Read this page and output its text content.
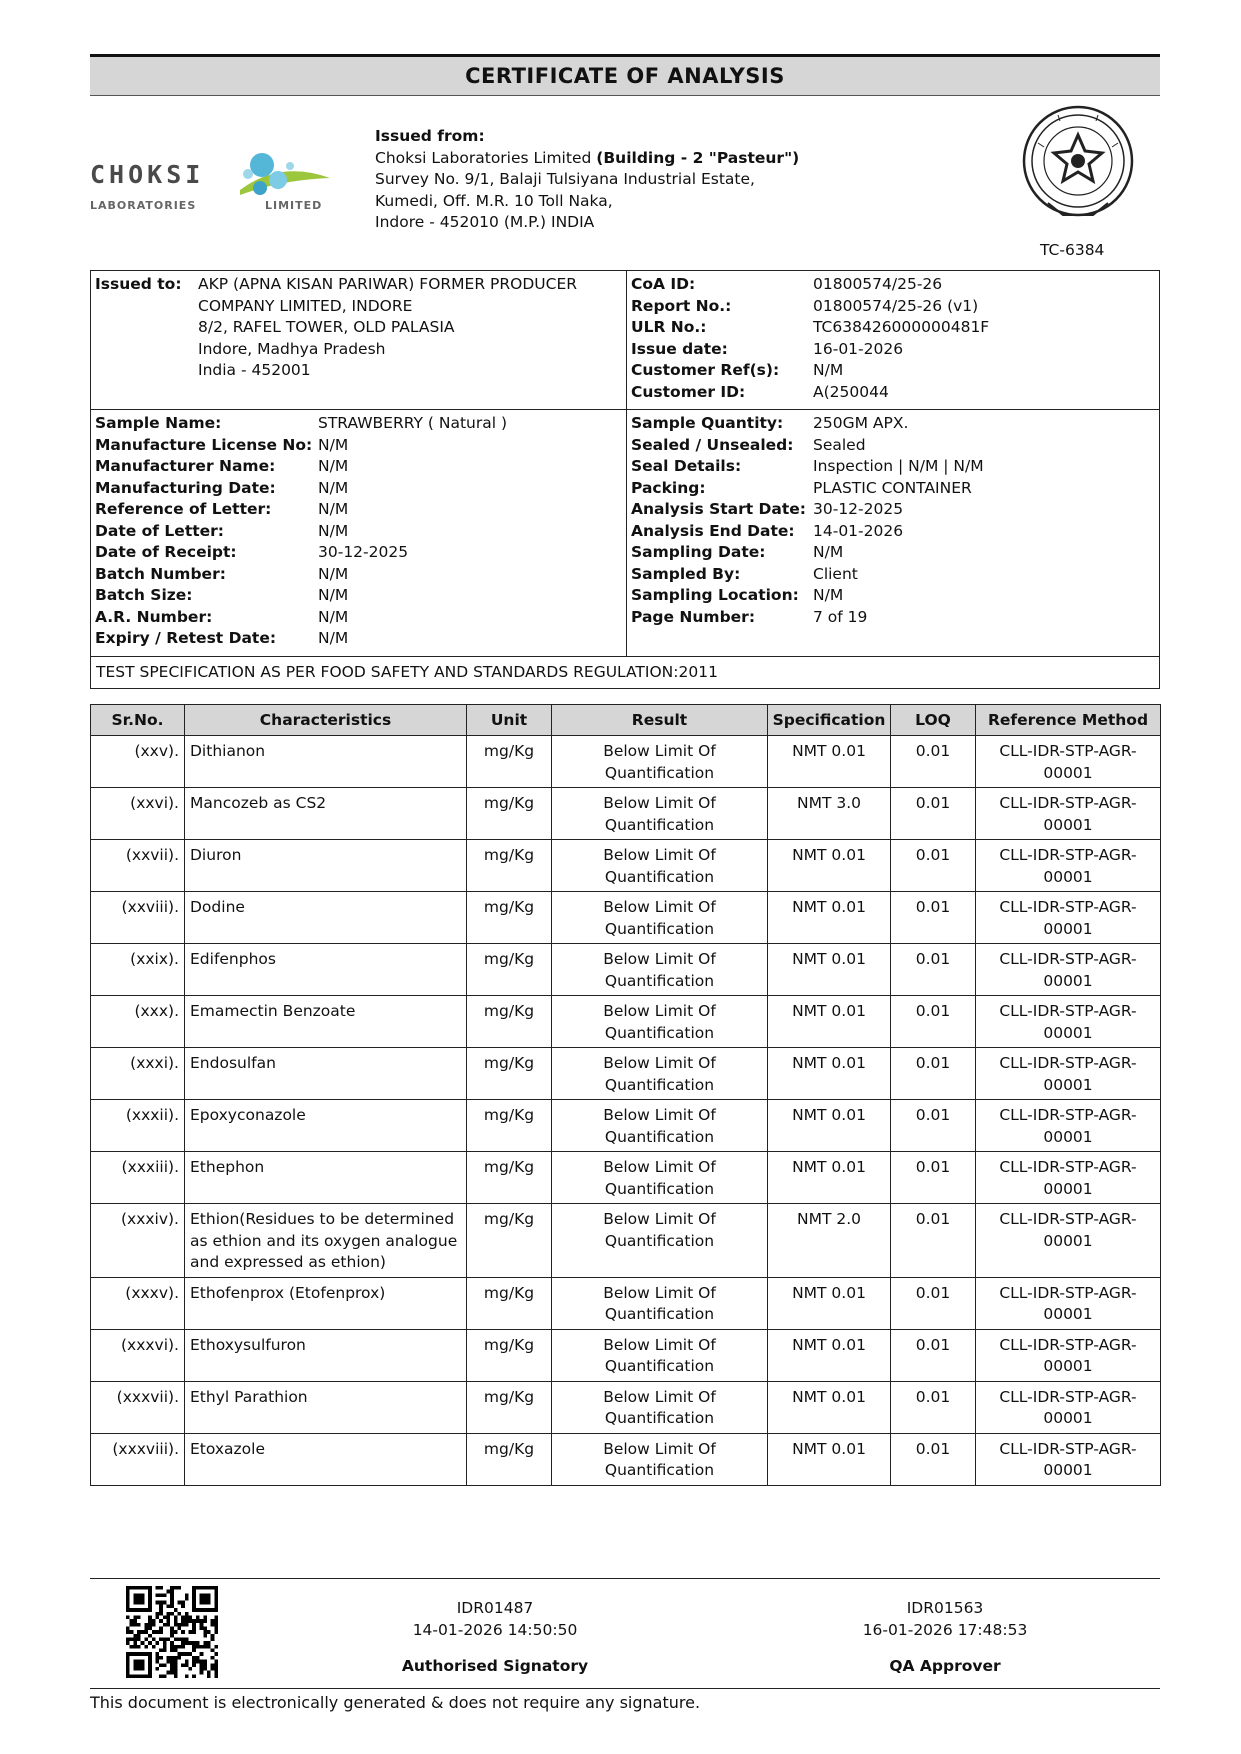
CERTIFICATE OF ANALYSIS
CHOKSI
LABORATORIES	LIMITED
Issued from:
Choksi Laboratories Limited (Building - 2 "Pasteur")
Survey No. 9/1, Balaji Tulsiyana Industrial Estate,
Kumedi, Off. M.R. 10 Toll Naka,
Indore - 452010 (M.P.) INDIA
TC-6384
Issued to: AKP (APNA KISAN PARIWAR) FORMER PRODUCER
COMPANY LIMITED, INDORE
8/2, RAFEL TOWER, OLD PALASIA
Indore, Madhya Pradesh
India - 452001
CoA ID:	01800574/25-26
Report No.:	01800574/25-26 (v1)
ULR No.:	TC638426000000481F
Issue date:	16-01-2026
Customer Ref(s): N/M
Customer ID:	A(250044
Sample Name:	STRAWBERRY ( Natural )
Manufacture License No: N/M
Manufacturer Name:	N/M
Manufacturing Date:	N/M
Reference of Letter:	N/M
Date of Letter:	N/M
Date of Receipt:	30-12-2025
Batch Number:	N/M
Batch Size:	N/M
A.R. Number:	N/M
Expiry / Retest Date:	N/M
Sample Quantity: 250GM APX.
Sealed / Unsealed: Sealed
Seal Details:	Inspection | N/M | N/M
Packing:	PLASTIC CONTAINER
Analysis Start Date: 30-12-2025
Analysis End Date: 14-01-2026
Sampling Date:	N/M
Sampled By:	Client
Sampling Location: N/M
Page Number:	7 of 19
TEST SPECIFICATION AS PER FOOD SAFETY AND STANDARDS REGULATION:2011
Sr.No.	Characteristics	Unit	Result	Specification	LOQ	Reference Method
(xxv).	Dithianon	mg/Kg	Below Limit Of Quantification	NMT 0.01	0.01	CLL-IDR-STP-AGR-00001
(xxvi).	Mancozeb as CS2	mg/Kg	Below Limit Of Quantification	NMT 3.0	0.01	CLL-IDR-STP-AGR-00001
(xxvii).	Diuron	mg/Kg	Below Limit Of Quantification	NMT 0.01	0.01	CLL-IDR-STP-AGR-00001
(xxviii).	Dodine	mg/Kg	Below Limit Of Quantification	NMT 0.01	0.01	CLL-IDR-STP-AGR-00001
(xxix).	Edifenphos	mg/Kg	Below Limit Of Quantification	NMT 0.01	0.01	CLL-IDR-STP-AGR-00001
(xxx).	Emamectin Benzoate	mg/Kg	Below Limit Of Quantification	NMT 0.01	0.01	CLL-IDR-STP-AGR-00001
(xxxi).	Endosulfan	mg/Kg	Below Limit Of Quantification	NMT 0.01	0.01	CLL-IDR-STP-AGR-00001
(xxxii).	Epoxyconazole	mg/Kg	Below Limit Of Quantification	NMT 0.01	0.01	CLL-IDR-STP-AGR-00001
(xxxiii).	Ethephon	mg/Kg	Below Limit Of Quantification	NMT 0.01	0.01	CLL-IDR-STP-AGR-00001
(xxxiv).	Ethion(Residues to be determined as ethion and its oxygen analogue and expressed as ethion)	mg/Kg	Below Limit Of Quantification	NMT 2.0	0.01	CLL-IDR-STP-AGR-00001
(xxxv).	Ethofenprox (Etofenprox)	mg/Kg	Below Limit Of Quantification	NMT 0.01	0.01	CLL-IDR-STP-AGR-00001
(xxxvi).	Ethoxysulfuron	mg/Kg	Below Limit Of Quantification	NMT 0.01	0.01	CLL-IDR-STP-AGR-00001
(xxxvii).	Ethyl Parathion	mg/Kg	Below Limit Of Quantification	NMT 0.01	0.01	CLL-IDR-STP-AGR-00001
(xxxviii).	Etoxazole	mg/Kg	Below Limit Of Quantification	NMT 0.01	0.01	CLL-IDR-STP-AGR-00001
IDR01487
14-01-2026 14:50:50
Authorised Signatory
IDR01563
16-01-2026 17:48:53
QA Approver
This document is electronically generated & does not require any signature.
